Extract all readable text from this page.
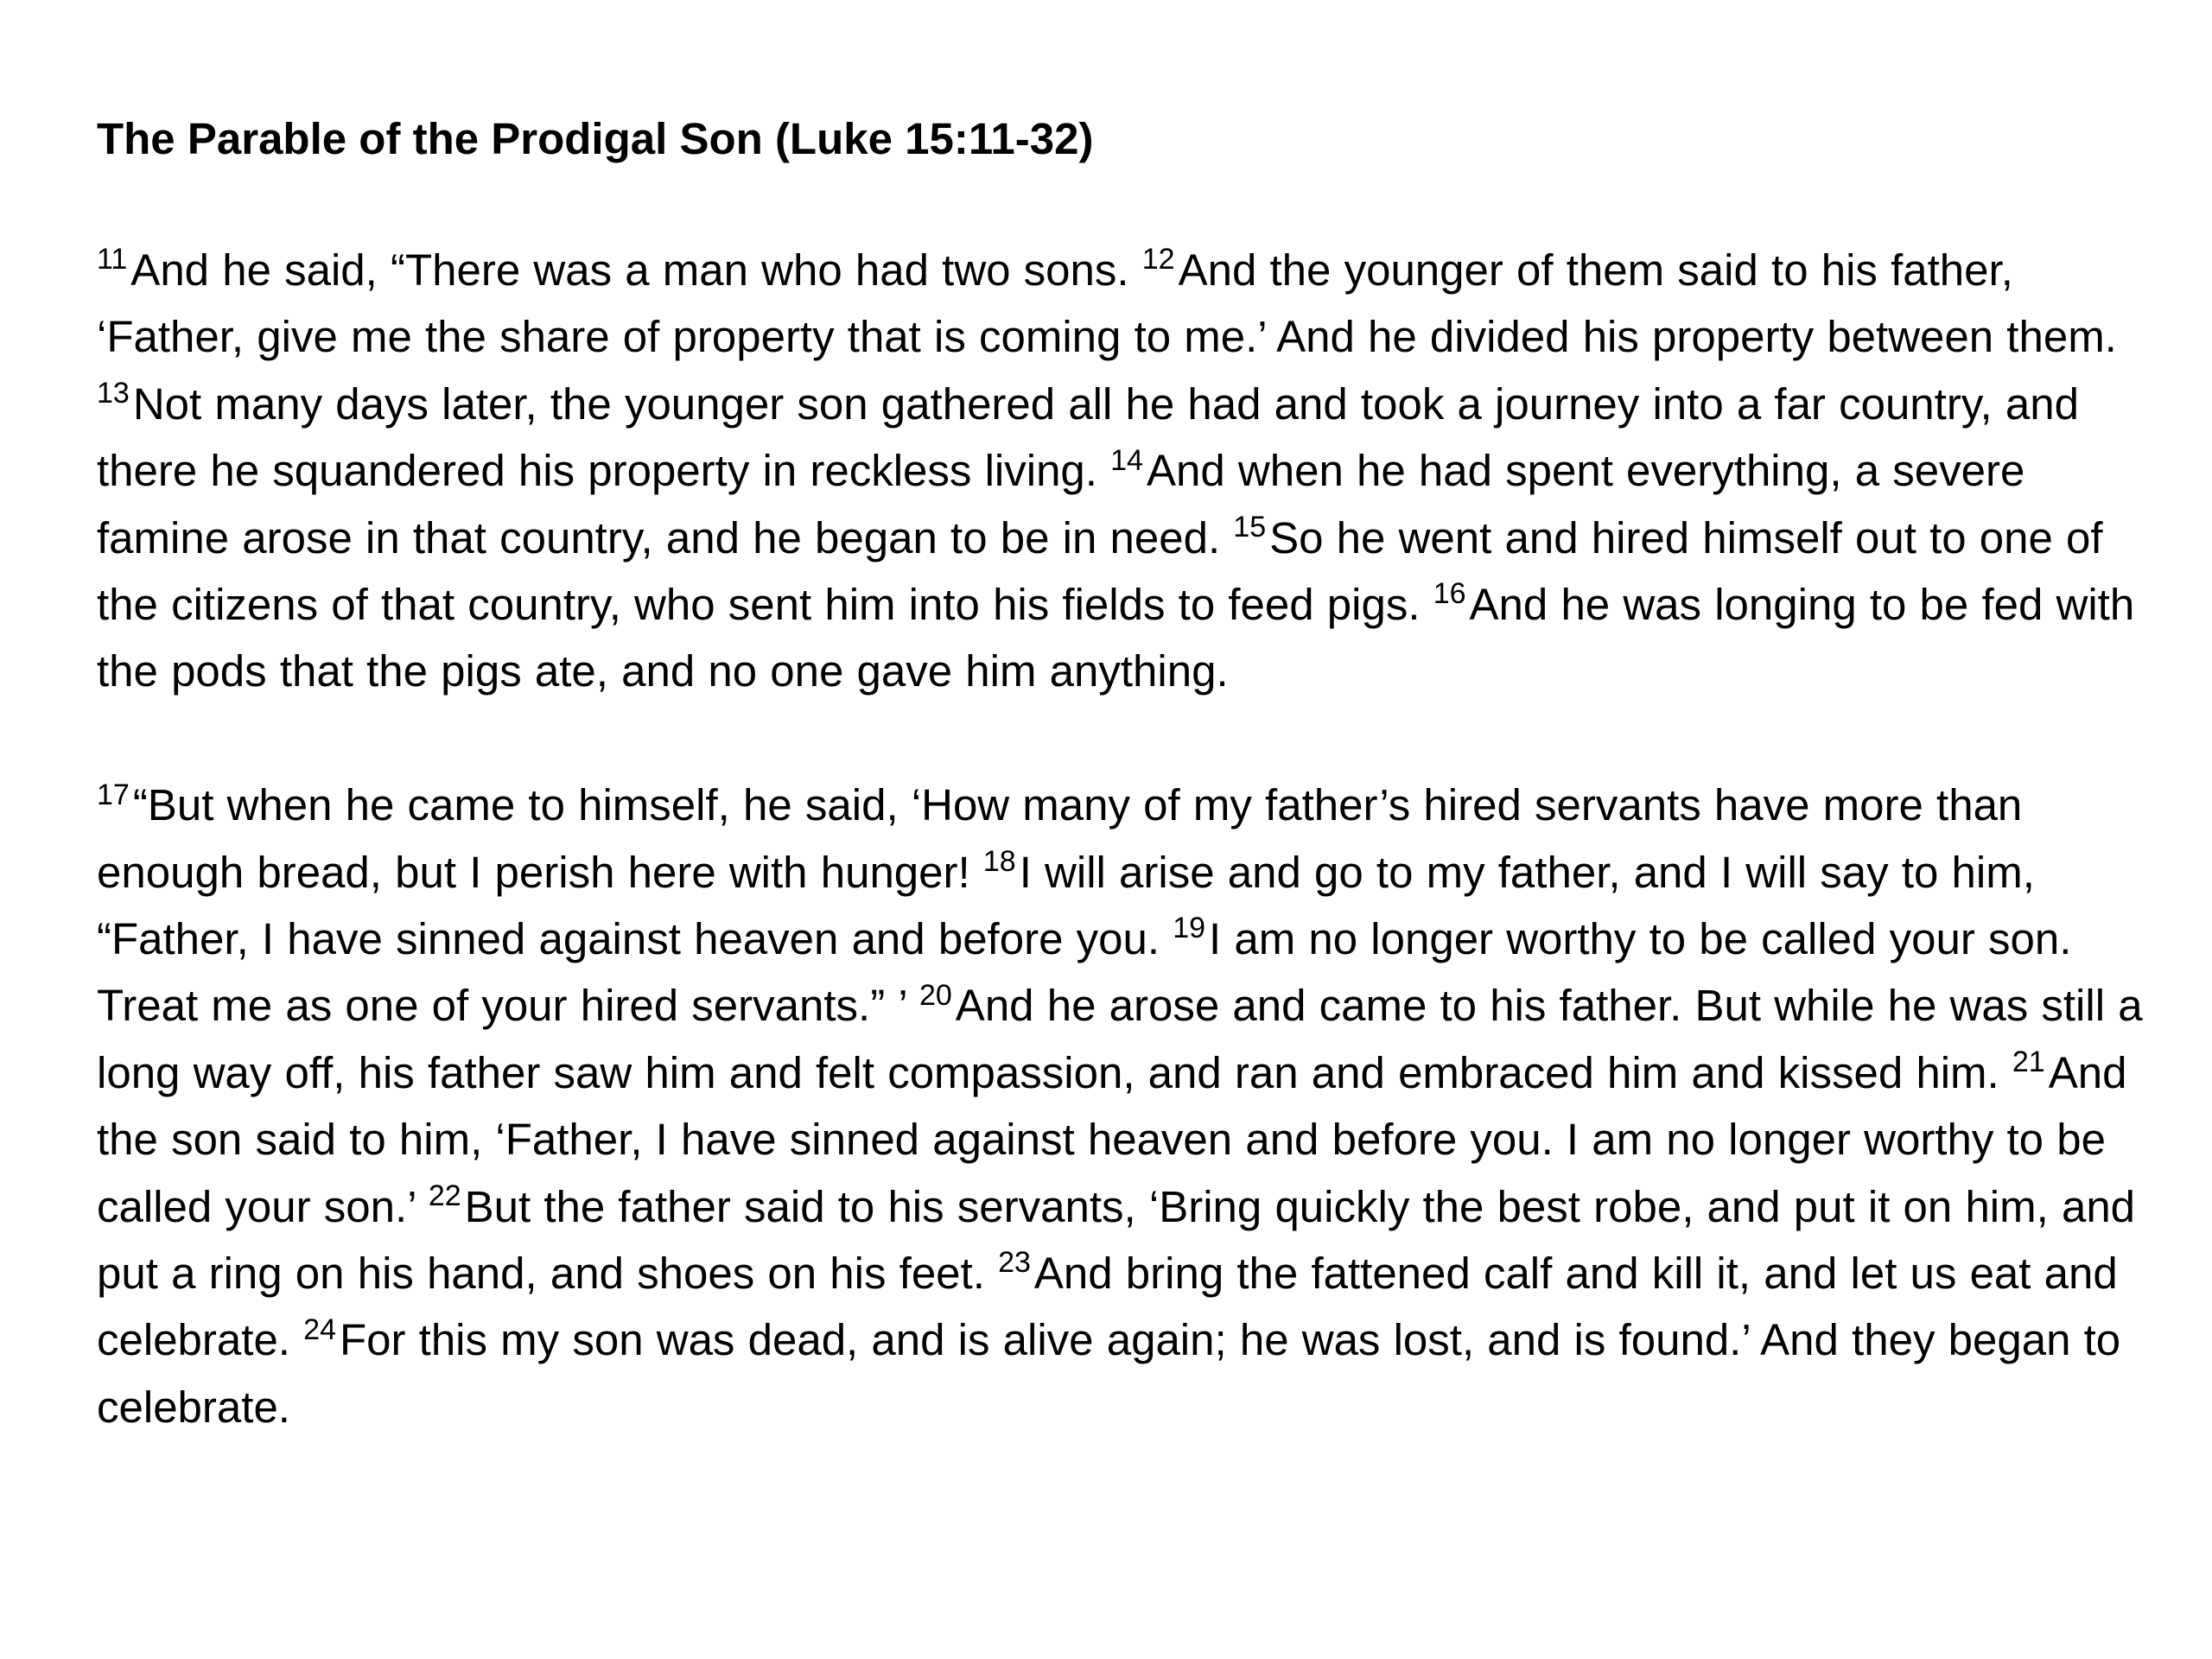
The Parable of the Prodigal Son (Luke 15:11-32)
$^{11}$And he said, “There was a man who had two sons. $^{12}$And the younger of them said to his father, ‘Father, give me the share of property that is coming to me.’ And he divided his property between them. $^{13}$Not many days later, the younger son gathered all he had and took a journey into a far country, and there he squandered his property in reckless living. $^{14}$And when he had spent everything, a severe famine arose in that country, and he began to be in need. $^{15}$So he went and hired himself out to one of the citizens of that country, who sent him into his fields to feed pigs. $^{16}$And he was longing to be fed with the pods that the pigs ate, and no one gave him anything.
$^{17}$“But when he came to himself, he said, ‘How many of my father’s hired servants have more than enough bread, but I perish here with hunger! $^{18}$I will arise and go to my father, and I will say to him, “Father, I have sinned against heaven and before you. $^{19}$I am no longer worthy to be called your son. Treat me as one of your hired servants.” ’ $^{20}$And he arose and came to his father. But while he was still a long way off, his father saw him and felt compassion, and ran and embraced him and kissed him. $^{21}$And the son said to him, ‘Father, I have sinned against heaven and before you. I am no longer worthy to be called your son.’ $^{22}$But the father said to his servants, ‘Bring quickly the best robe, and put it on him, and put a ring on his hand, and shoes on his feet. $^{23}$And bring the fattened calf and kill it, and let us eat and celebrate. $^{24}$For this my son was dead, and is alive again; he was lost, and is found.’ And they began to celebrate.
